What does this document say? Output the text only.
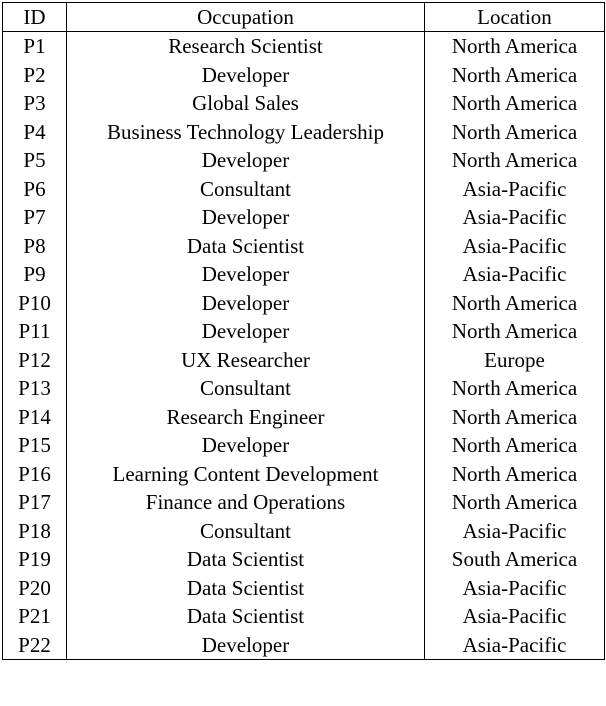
ID	Occupation	Location
P1	Research Scientist	North America
P2	Developer	North America
P3	Global Sales	North America
P4	Business Technology Leadership	North America
P5	Developer	North America
P6	Consultant	Asia-Pacific
P7	Developer	Asia-Pacific
P8	Data Scientist	Asia-Pacific
P9	Developer	Asia-Pacific
P10	Developer	North America
P11	Developer	North America
P12	UX Researcher	Europe
P13	Consultant	North America
P14	Research Engineer	North America
P15	Developer	North America
P16	Learning Content Development	North America
P17	Finance and Operations	North America
P18	Consultant	Asia-Pacific
P19	Data Scientist	South America
P20	Data Scientist	Asia-Pacific
P21	Data Scientist	Asia-Pacific
P22	Developer	Asia-Pacific
